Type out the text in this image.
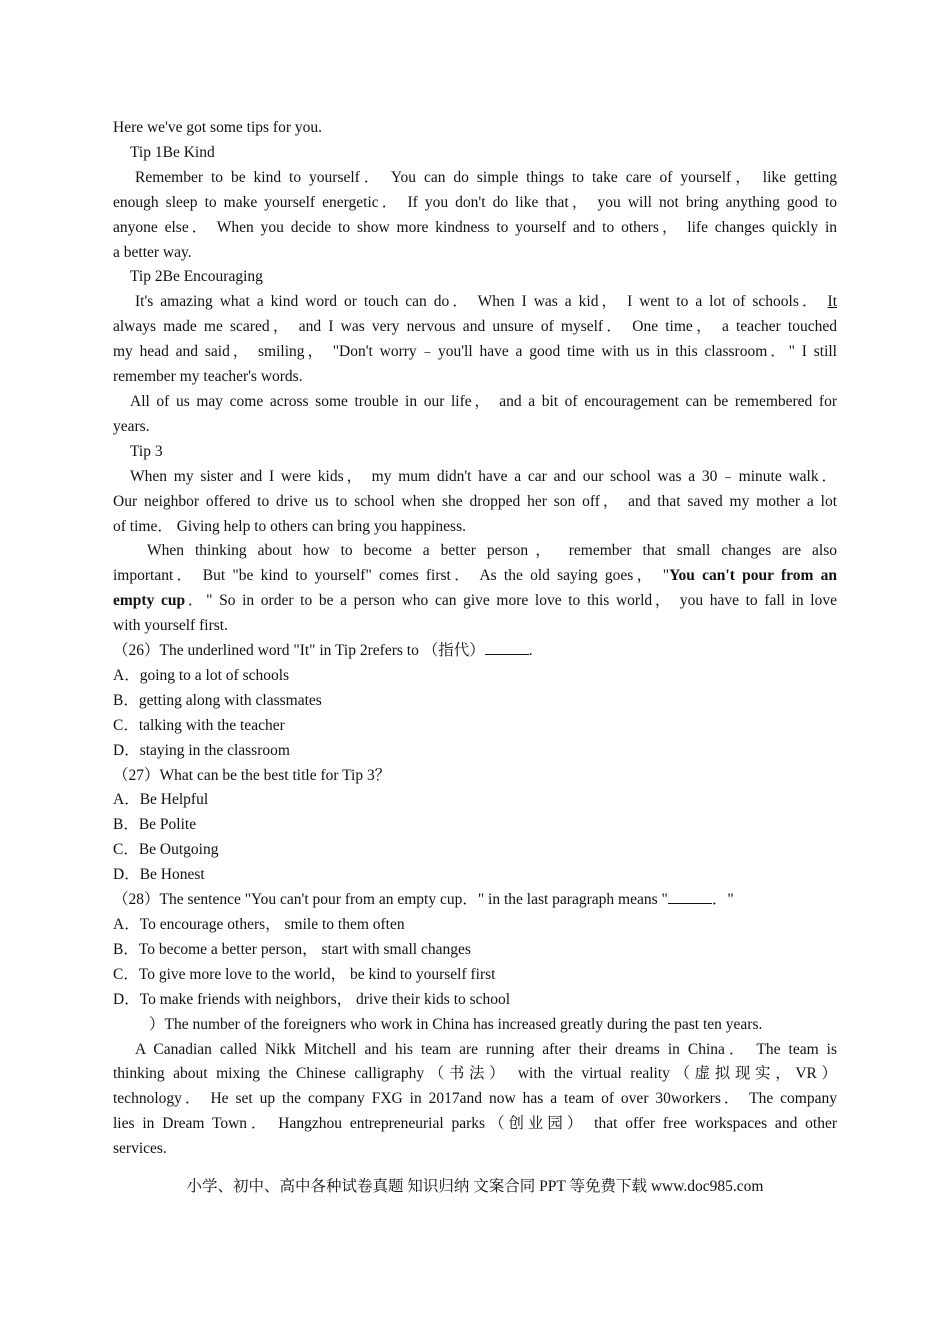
Here we've got some tips for you.
Tip 1Be Kind
Remember to be kind to yourself． You can do simple things to take care of yourself， like getting
enough sleep to make yourself energetic． If you don't do like that， you will not bring anything good to
anyone else． When you decide to show more kindness to yourself and to others， life changes quickly in
a better way.
Tip 2Be Encouraging
It's amazing what a kind word or touch can do． When I was a kid， I went to a lot of schools． It
always made me scared， and I was very nervous and unsure of myself． One time， a teacher touched
my head and said， smiling， "Don't worry﹣you'll have a good time with us in this classroom．" I still
remember my teacher's words.
All of us may come across some trouble in our life， and a bit of encouragement can be remembered for
years.
Tip 3
When my sister and I were kids， my mum didn't have a car and our school was a 30﹣minute walk．
Our neighbor offered to drive us to school when she dropped her son off， and that saved my mother a lot
of time． Giving help to others can bring you happiness.
When thinking about how to become a better person， remember that small changes are also
important． But "be kind to yourself" comes first． As the old saying goes， "You can't pour from an
empty cup．" So in order to be a person who can give more love to this world， you have to fall in love
with yourself first.
（26）The underlined word "It" in Tip 2refers to （指代）	.
A．going to a lot of schools
B．getting along with classmates
C．talking with the teacher
D．staying in the classroom
（27）What can be the best title for Tip 3？
A．Be Helpful
B．Be Polite
C．Be Outgoing
D．Be Honest
（28）The sentence "You can't pour from an empty cup．" in the last paragraph means "	．"
A．To encourage others， smile to them often
B．To become a better person， start with small changes
C．To give more love to the world， be kind to yourself first
D．To make friends with neighbors， drive their kids to school
）The number of the foreigners who work in China has increased greatly during the past ten years.
A Canadian called Nikk Mitchell and his team are running after their dreams in China． The team is
thinking about mixing the Chinese calligraphy（书法） with the virtual reality（虚拟现实，VR）
technology． He set up the company FXG in 2017and now has a team of over 30workers． The company
lies in Dream Town． Hangzhou entrepreneurial parks（创业园） that offer free workspaces and other
services.
小学、初中、高中各种试卷真题 知识归纳 文案合同 PPT 等免费下载 www.doc985.com
